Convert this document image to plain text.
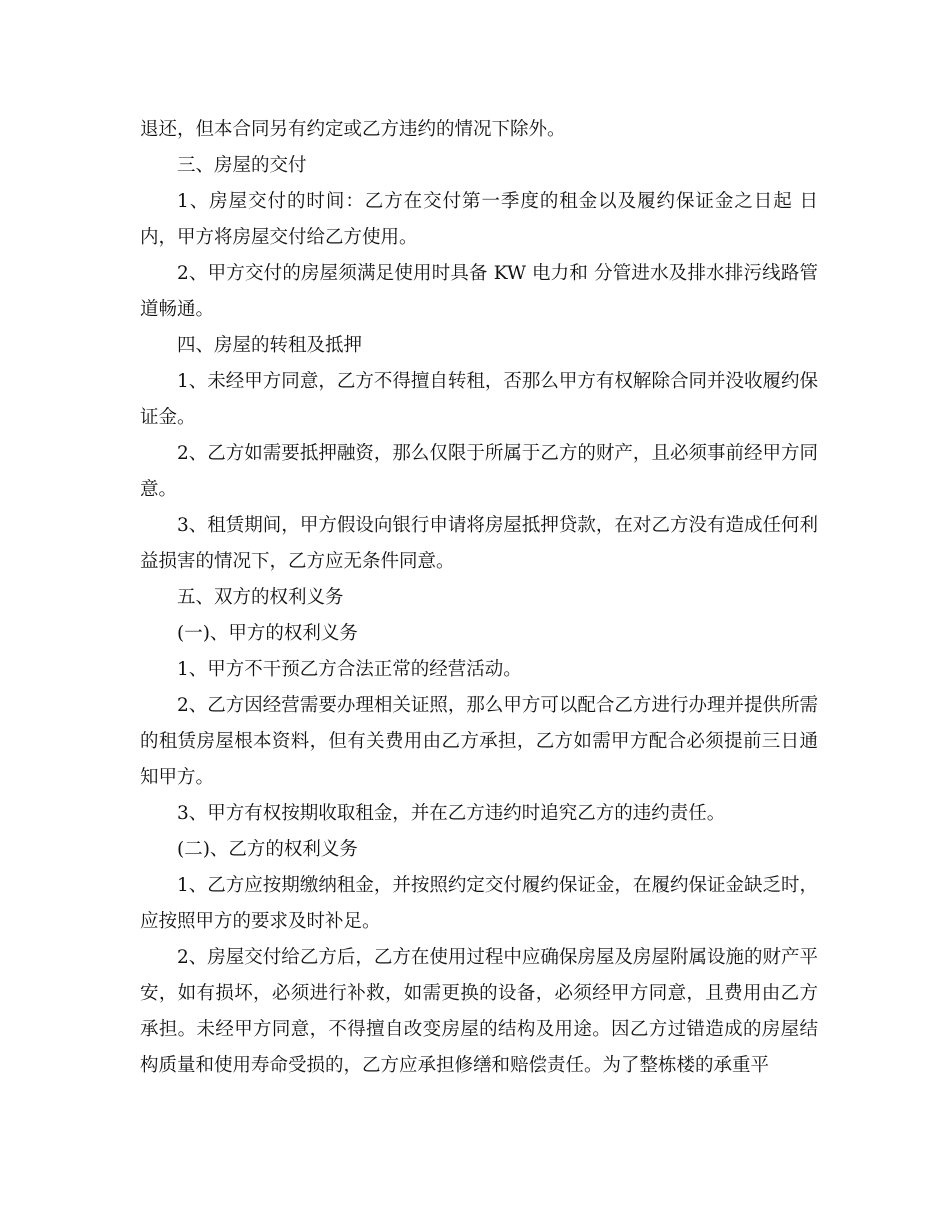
退还，但本合同另有约定或乙方违约的情况下除外。

三、房屋的交付

1、房屋交付的时间：乙方在交付第一季度的租金以及履约保证金之日起 日内，甲方将房屋交付给乙方使用。

2、甲方交付的房屋须满足使用时具备 KW 电力和 分管进水及排水排污线路管道畅通。

四、房屋的转租及抵押

1、未经甲方同意，乙方不得擅自转租，否那么甲方有权解除合同并没收履约保证金。

2、乙方如需要抵押融资，那么仅限于所属于乙方的财产，且必须事前经甲方同意。

3、租赁期间，甲方假设向银行申请将房屋抵押贷款，在对乙方没有造成任何利益损害的情况下，乙方应无条件同意。

五、双方的权利义务

(一)、甲方的权利义务

1、甲方不干预乙方合法正常的经营活动。

2、乙方因经营需要办理相关证照，那么甲方可以配合乙方进行办理并提供所需的租赁房屋根本资料，但有关费用由乙方承担，乙方如需甲方配合必须提前三日通知甲方。

3、甲方有权按期收取租金，并在乙方违约时追究乙方的违约责任。

(二)、乙方的权利义务

1、乙方应按期缴纳租金，并按照约定交付履约保证金，在履约保证金缺乏时，应按照甲方的要求及时补足。

2、房屋交付给乙方后，乙方在使用过程中应确保房屋及房屋附属设施的财产平安，如有损坏，必须进行补救，如需更换的设备，必须经甲方同意，且费用由乙方承担。未经甲方同意，不得擅自改变房屋的结构及用途。因乙方过错造成的房屋结构质量和使用寿命受损的，乙方应承担修缮和赔偿责任。为了整栋楼的承重平
